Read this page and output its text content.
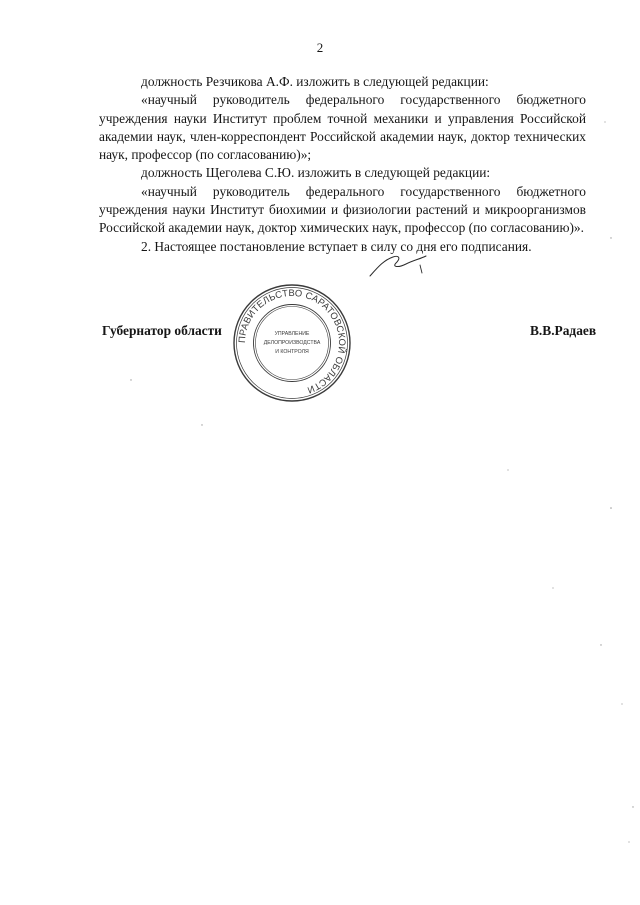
2

должность Резчикова А.Ф. изложить в следующей редакции:

«научный руководитель федерального государственного бюджетного учреждения науки Институт проблем точной механики и управления Российской академии наук, член-корреспондент Российской академии наук, доктор технических наук, профессор (по согласованию)»;

должность Щеголева С.Ю. изложить в следующей редакции:

«научный руководитель федерального государственного бюджетного учреждения науки Институт биохимии и физиологии растений и микроорганизмов Российской академии наук, доктор химических наук, профессор (по согласованию)».

2. Настоящее постановление вступает в силу со дня его подписания.

Губернатор области	В.В.Радаев
ПРАВИТЕЛЬСТВО САРАТОВСКОЙ ОБЛАСТИ
УПРАВЛЕНИЕ
ДЕЛОПРОИЗВОДСТВА
И КОНТРОЛЯ
